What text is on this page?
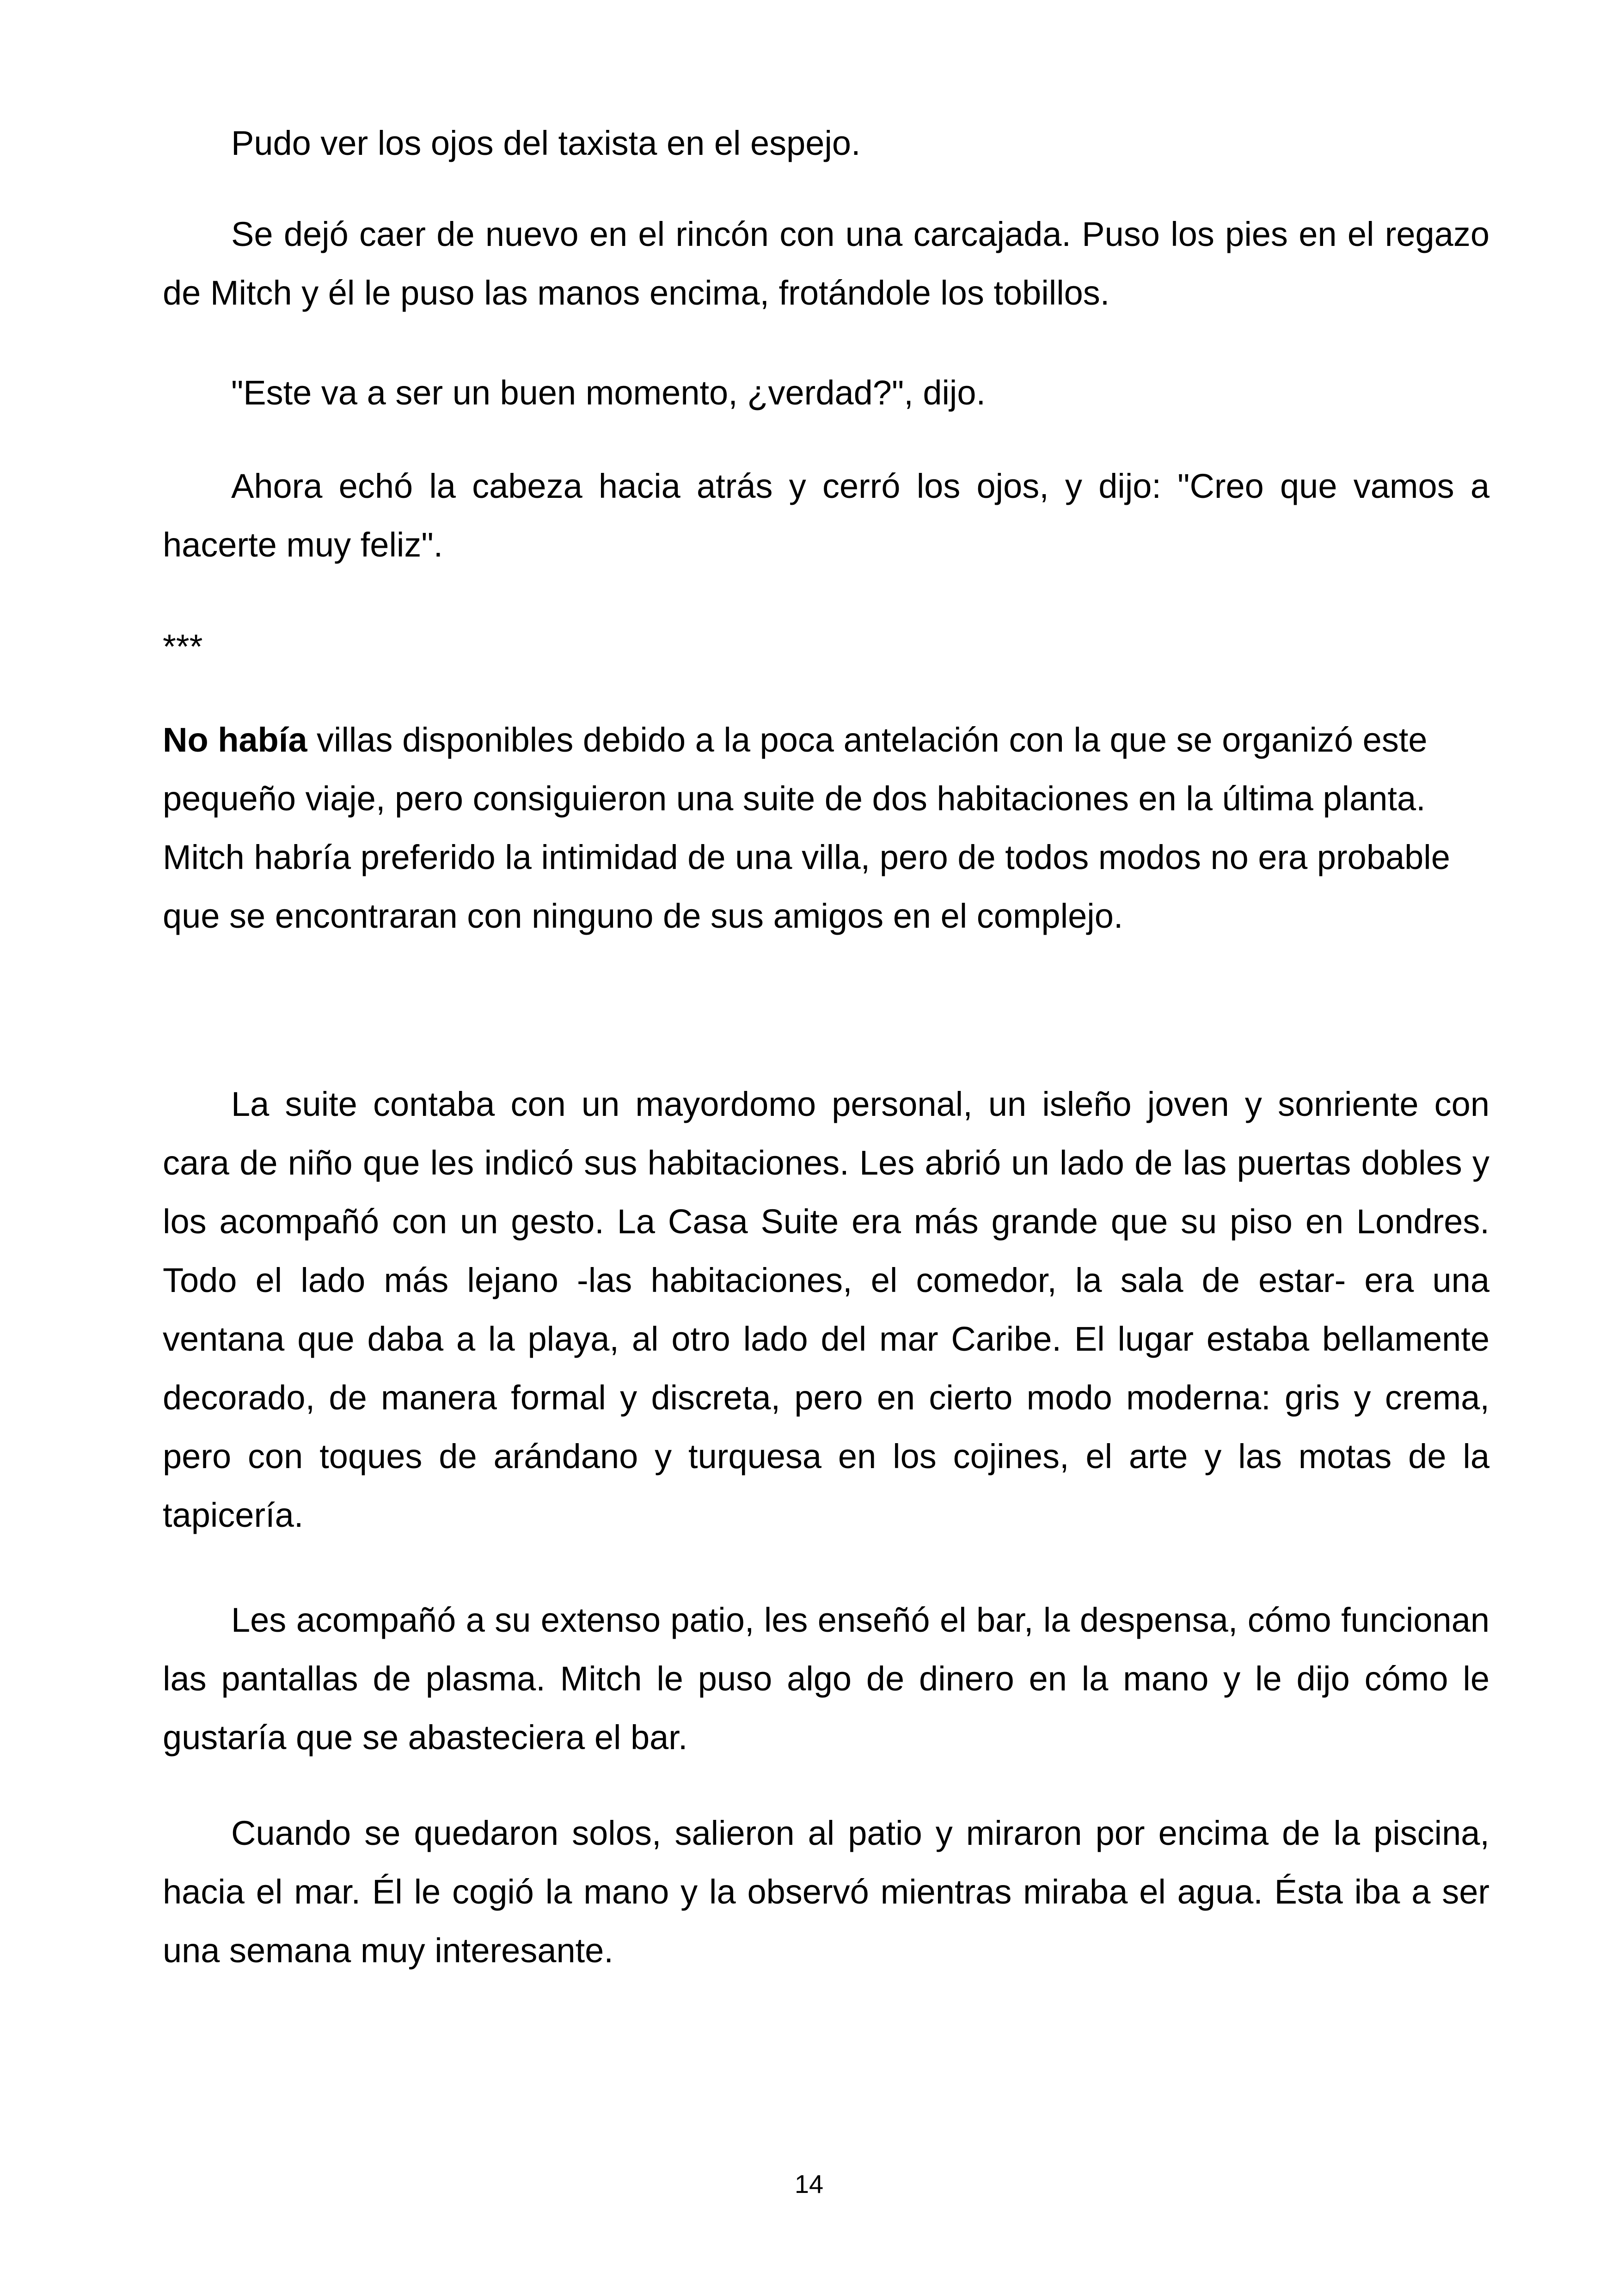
Pudo ver los ojos del taxista en el espejo.

Se dejó caer de nuevo en el rincón con una carcajada. Puso los pies en el regazo de Mitch y él le puso las manos encima, frotándole los tobillos.

"Este va a ser un buen momento, ¿verdad?", dijo.

Ahora echó la cabeza hacia atrás y cerró los ojos, y dijo: "Creo que vamos a hacerte muy feliz".

***

No había villas disponibles debido a la poca antelación con la que se organizó este pequeño viaje, pero consiguieron una suite de dos habitaciones en la última planta. Mitch habría preferido la intimidad de una villa, pero de todos modos no era probable que se encontraran con ninguno de sus amigos en el complejo.

La suite contaba con un mayordomo personal, un isleño joven y sonriente con cara de niño que les indicó sus habitaciones. Les abrió un lado de las puertas dobles y los acompañó con un gesto. La Casa Suite era más grande que su piso en Londres. Todo el lado más lejano -las habitaciones, el comedor, la sala de estar- era una ventana que daba a la playa, al otro lado del mar Caribe. El lugar estaba bellamente decorado, de manera formal y discreta, pero en cierto modo moderna: gris y crema, pero con toques de arándano y turquesa en los cojines, el arte y las motas de la tapicería.

Les acompañó a su extenso patio, les enseñó el bar, la despensa, cómo funcionan las pantallas de plasma. Mitch le puso algo de dinero en la mano y le dijo cómo le gustaría que se abasteciera el bar.

Cuando se quedaron solos, salieron al patio y miraron por encima de la piscina, hacia el mar. Él le cogió la mano y la observó mientras miraba el agua. Ésta iba a ser una semana muy interesante.

14
